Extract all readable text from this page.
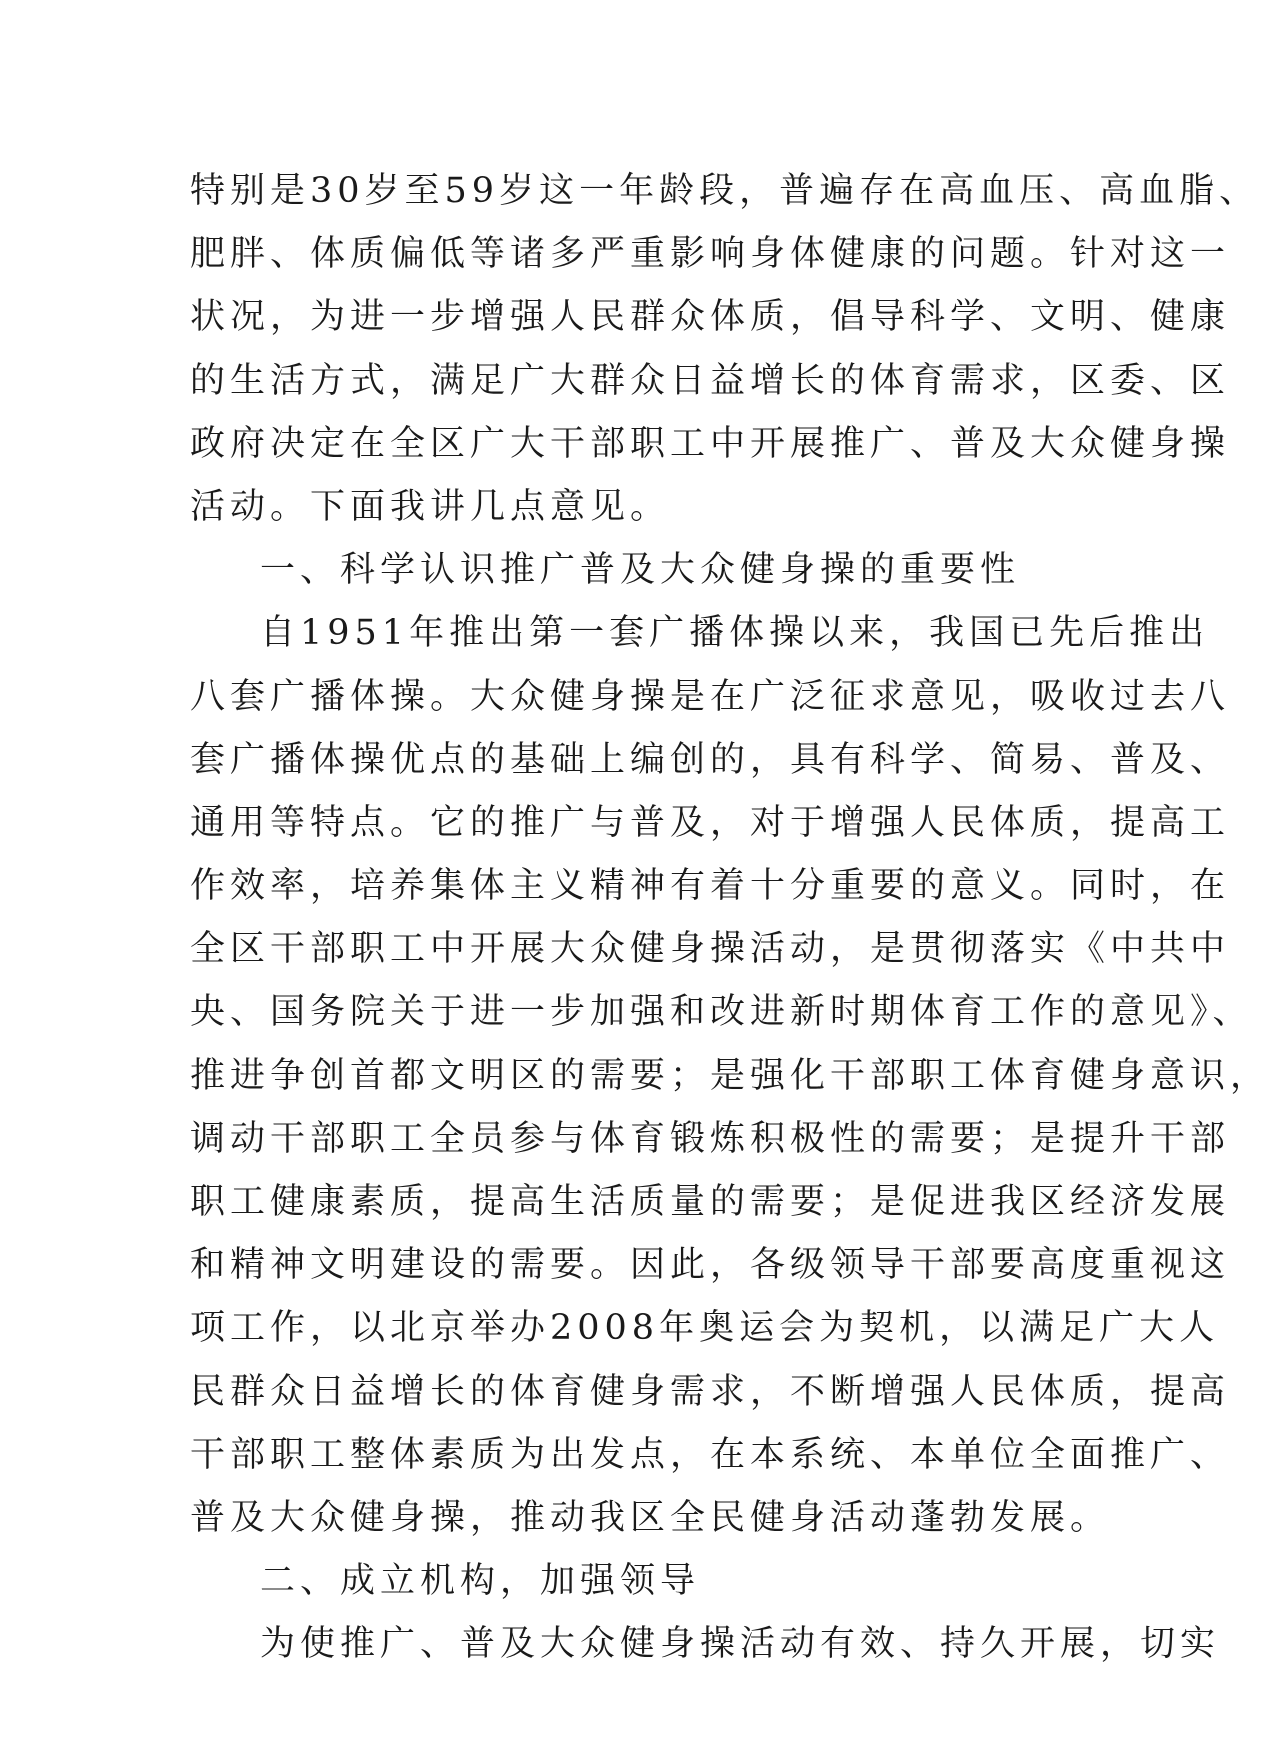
特别是30岁至59岁这一年龄段，普遍存在高血压、高血脂、
肥胖、体质偏低等诸多严重影响身体健康的问题。针对这一
状况，为进一步增强人民群众体质，倡导科学、文明、健康
的生活方式，满足广大群众日益增长的体育需求，区委、区
政府决定在全区广大干部职工中开展推广、普及大众健身操
活动。下面我讲几点意见。
一、科学认识推广普及大众健身操的重要性
自1951年推出第一套广播体操以来，我国已先后推出
八套广播体操。大众健身操是在广泛征求意见，吸收过去八
套广播体操优点的基础上编创的，具有科学、简易、普及、
通用等特点。它的推广与普及，对于增强人民体质，提高工
作效率，培养集体主义精神有着十分重要的意义。同时，在
全区干部职工中开展大众健身操活动，是贯彻落实《中共中
央、国务院关于进一步加强和改进新时期体育工作的意见》、
推进争创首都文明区的需要；是强化干部职工体育健身意识，
调动干部职工全员参与体育锻炼积极性的需要；是提升干部
职工健康素质，提高生活质量的需要；是促进我区经济发展
和精神文明建设的需要。因此，各级领导干部要高度重视这
项工作，以北京举办2008年奥运会为契机，以满足广大人
民群众日益增长的体育健身需求，不断增强人民体质，提高
干部职工整体素质为出发点，在本系统、本单位全面推广、
普及大众健身操，推动我区全民健身活动蓬勃发展。
二、成立机构，加强领导
为使推广、普及大众健身操活动有效、持久开展，切实
